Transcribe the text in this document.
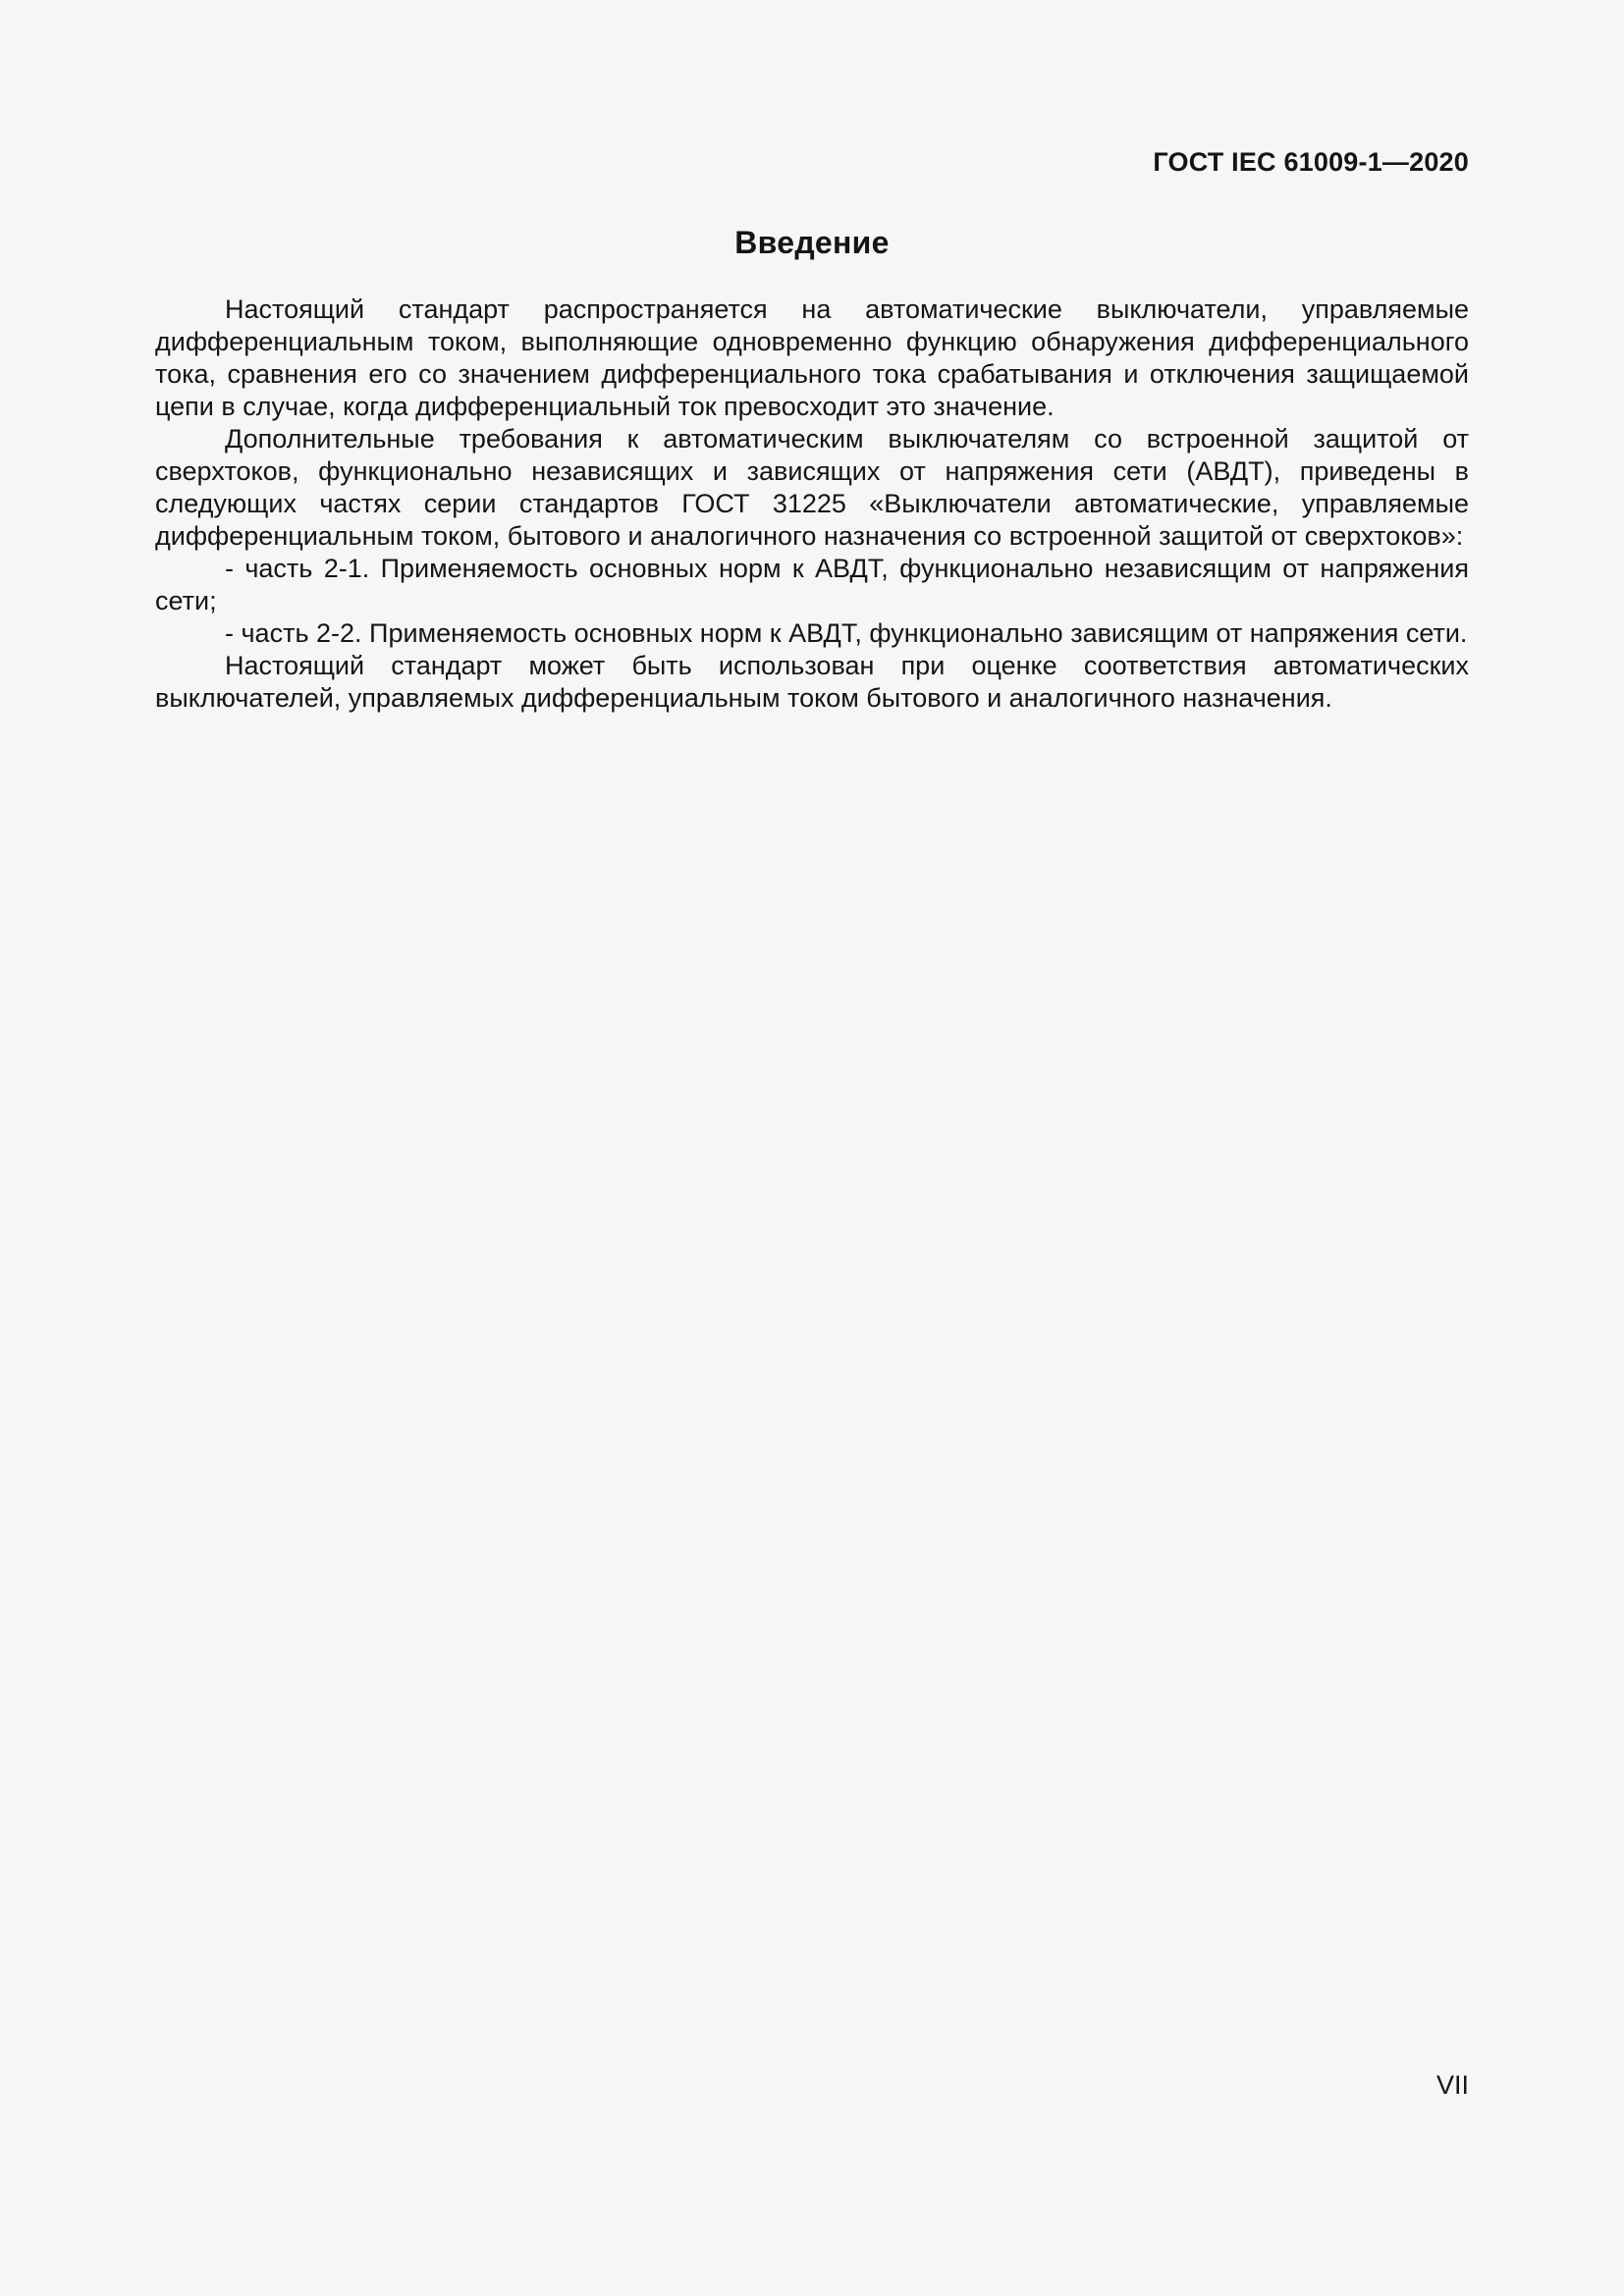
ГОСТ IEC 61009-1—2020
Введение

Настоящий стандарт распространяется на автоматические выключатели, управляемые дифференциальным током, выполняющие одновременно функцию обнаружения дифференциального тока, сравнения его со значением дифференциального тока срабатывания и отключения защищаемой цепи в случае, когда дифференциальный ток превосходит это значение.

Дополнительные требования к автоматическим выключателям со встроенной защитой от сверхтоков, функционально независящих и зависящих от напряжения сети (АВДТ), приведены в следующих частях серии стандартов ГОСТ 31225 «Выключатели автоматические, управляемые дифференциальным током, бытового и аналогичного назначения со встроенной защитой от сверхтоков»:

- часть 2-1. Применяемость основных норм к АВДТ, функционально независящим от напряжения сети;

- часть 2-2. Применяемость основных норм к АВДТ, функционально зависящим от напряжения сети.

Настоящий стандарт может быть использован при оценке соответствия автоматических выключателей, управляемых дифференциальным током бытового и аналогичного назначения.

VII
